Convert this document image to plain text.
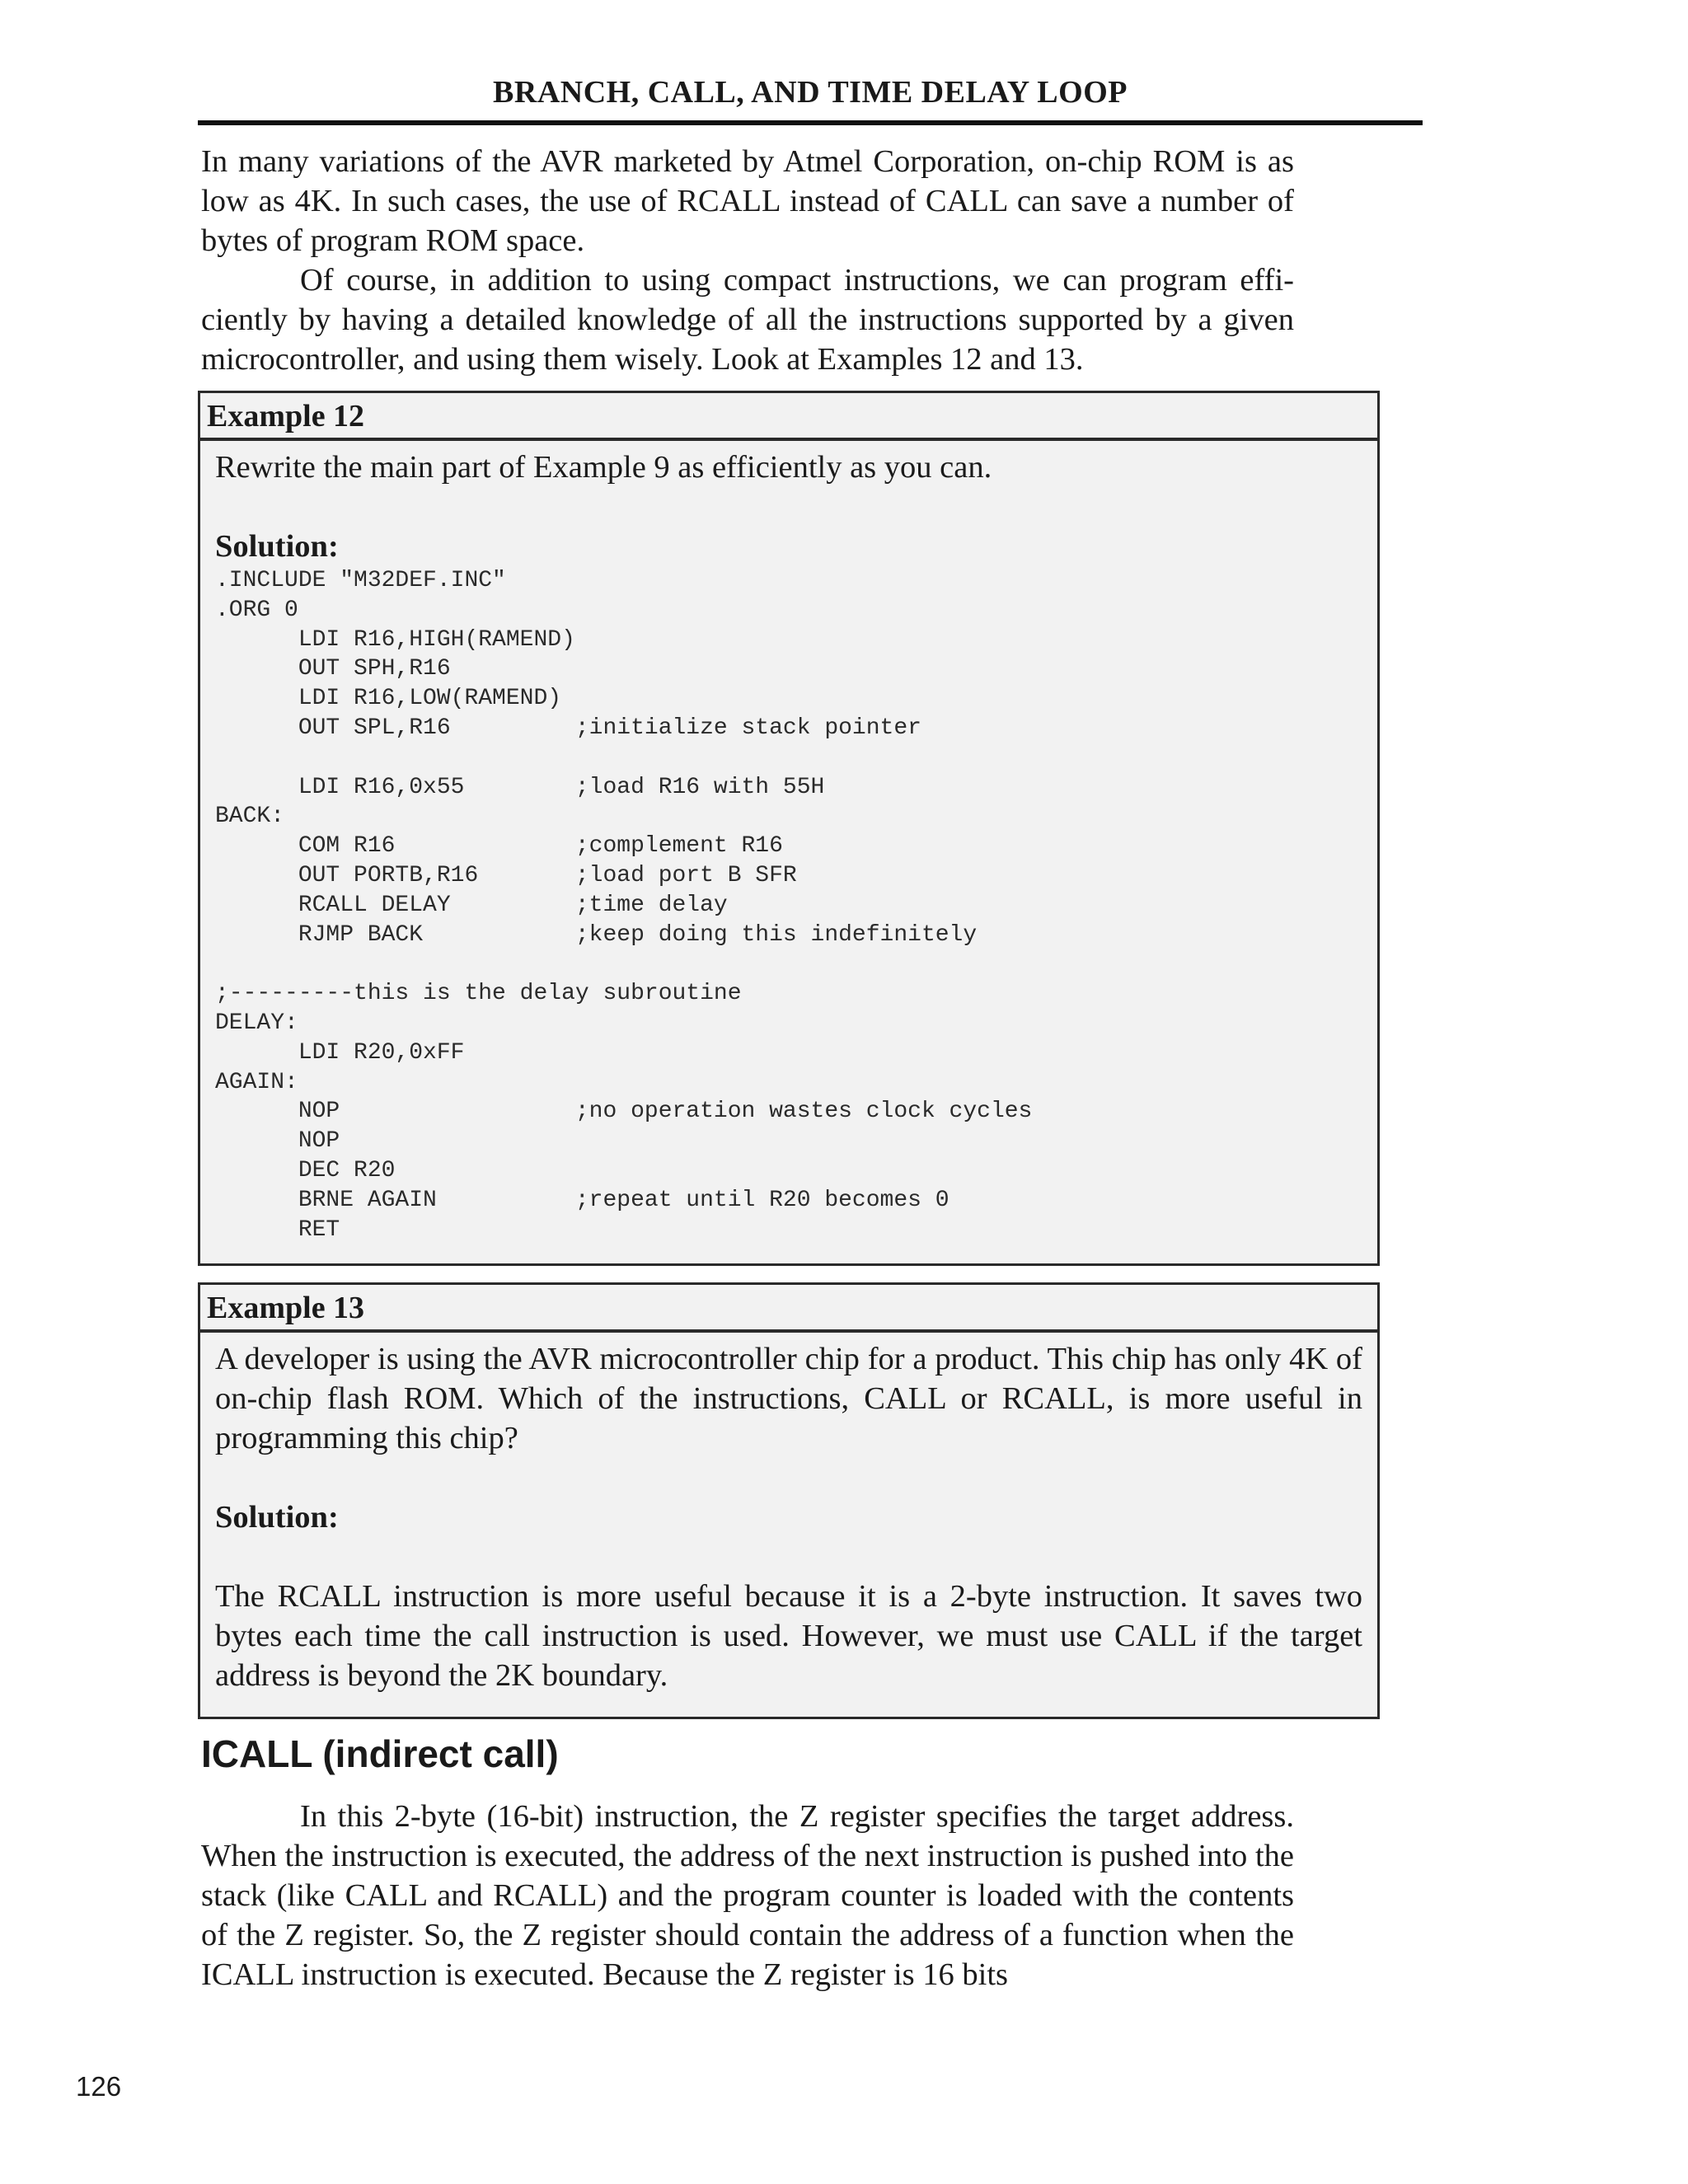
BRANCH, CALL, AND TIME DELAY LOOP

In many variations of the AVR marketed by Atmel Corporation, on-chip ROM is as low as 4K. In such cases, the use of RCALL instead of CALL can save a number of bytes of program ROM space.

Of course, in addition to using compact instructions, we can program efficiently by having a detailed knowledge of all the instructions supported by a given microcontroller, and using them wisely. Look at Examples 12 and 13.

Example 12

Rewrite the main part of Example 9 as efficiently as you can.

Solution:

.INCLUDE "M32DEF.INC"
.ORG 0
LDI R16,HIGH(RAMEND)
OUT SPH,R16
LDI R16,LOW(RAMEND)
OUT SPL,R16         ;initialize stack pointer

LDI R16,0x55        ;load R16 with 55H
BACK:
COM R16             ;complement R16
OUT PORTB,R16       ;load port B SFR
RCALL DELAY         ;time delay
RJMP BACK           ;keep doing this indefinitely

;---------this is the delay subroutine
DELAY:
LDI R20,0xFF
AGAIN:
NOP                 ;no operation wastes clock cycles
NOP
DEC R20
BRNE AGAIN          ;repeat until R20 becomes 0
RET
Example 13

A developer is using the AVR microcontroller chip for a product. This chip has only 4K of on-chip flash ROM. Which of the instructions, CALL or RCALL, is more useful in programming this chip?

Solution:

The RCALL instruction is more useful because it is a 2-byte instruction. It saves two bytes each time the call instruction is used. However, we must use CALL if the target address is beyond the 2K boundary.

ICALL (indirect call)

In this 2-byte (16-bit) instruction, the Z register specifies the target address. When the instruction is executed, the address of the next instruction is pushed into the stack (like CALL and RCALL) and the program counter is loaded with the contents of the Z register. So, the Z register should contain the address of a function when the ICALL instruction is executed. Because the Z register is 16 bits

126
